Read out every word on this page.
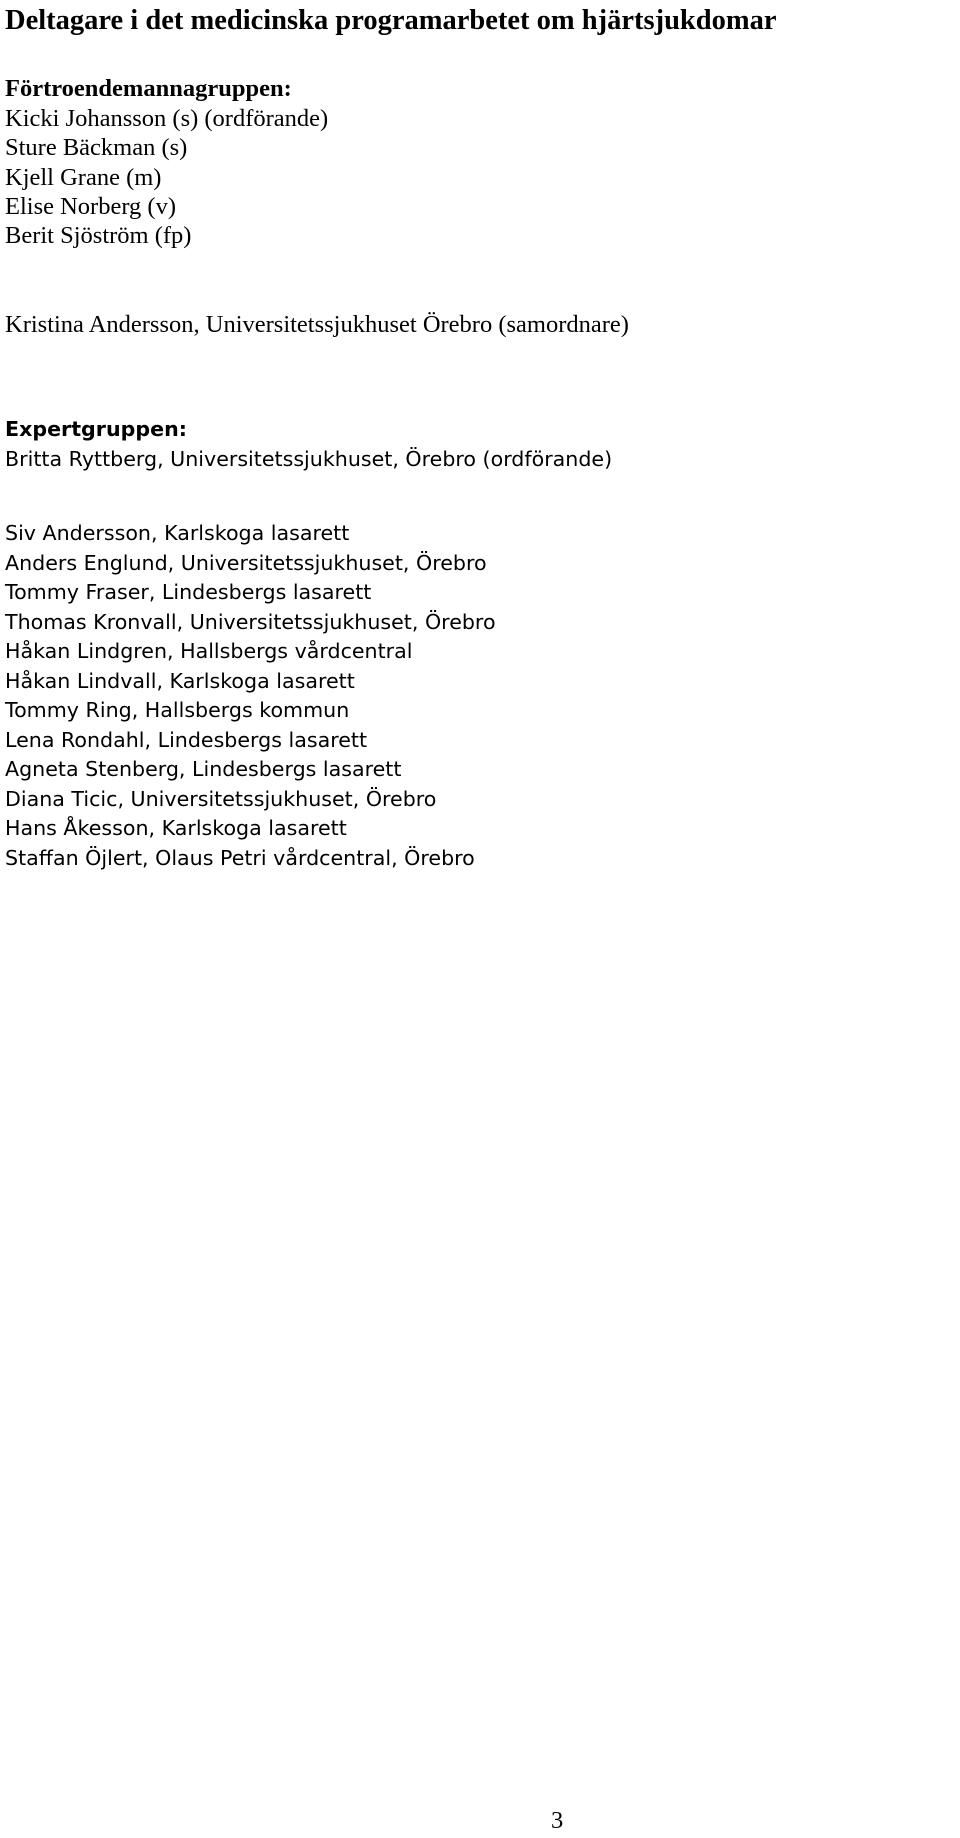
Deltagare i det medicinska programarbetet om hjärtsjukdomar
Förtroendemannagruppen:
Kicki Johansson (s) (ordförande)
Sture Bäckman (s)
Kjell Grane (m)
Elise Norberg (v)
Berit Sjöström (fp)
Kristina Andersson, Universitetssjukhuset Örebro (samordnare)
Expertgruppen:
Britta Ryttberg, Universitetssjukhuset, Örebro (ordförande)
Siv Andersson, Karlskoga lasarett
Anders Englund, Universitetssjukhuset, Örebro
Tommy Fraser, Lindesbergs lasarett
Thomas Kronvall, Universitetssjukhuset, Örebro
Håkan Lindgren, Hallsbergs vårdcentral
Håkan Lindvall, Karlskoga lasarett
Tommy Ring, Hallsbergs kommun
Lena Rondahl, Lindesbergs lasarett
Agneta Stenberg, Lindesbergs lasarett
Diana Ticic, Universitetssjukhuset, Örebro
Hans Åkesson, Karlskoga lasarett
Staffan Öjlert, Olaus Petri vårdcentral, Örebro
3
